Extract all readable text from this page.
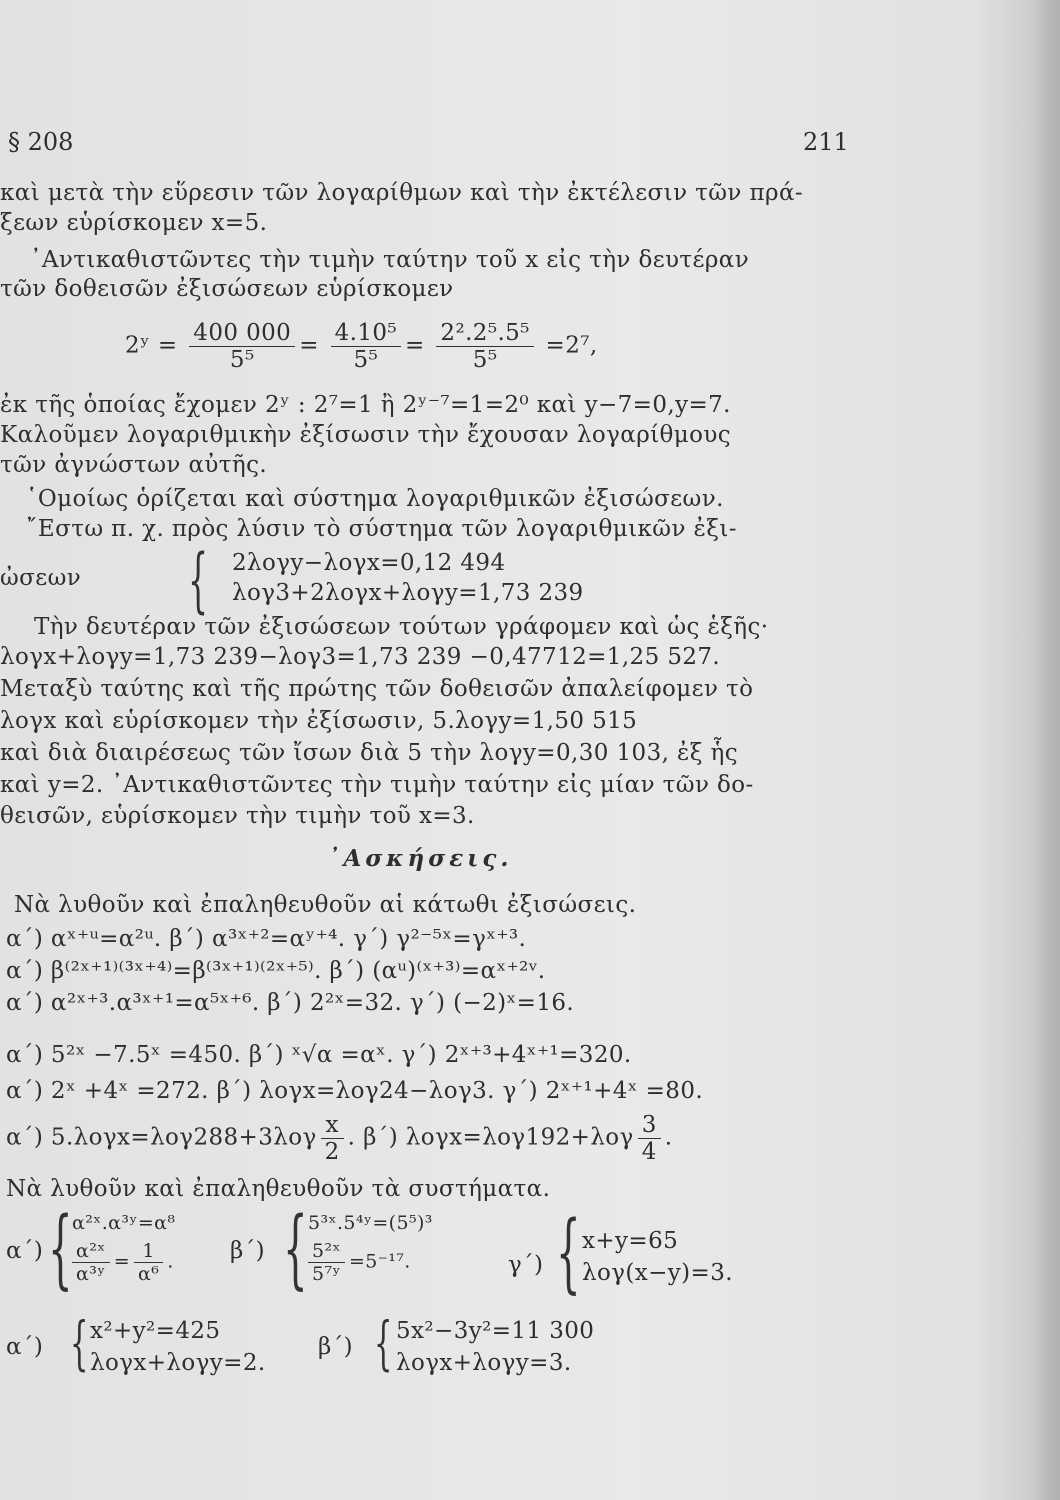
§ 208	211
καὶ μετὰ τὴν εὕρεσιν τῶν λογαρίθμων καὶ τὴν ἐκτέλεσιν τῶν πρά-
ξεων εὑρίσκομεν x=5.
᾿Αντικαθιστῶντες τὴν τιμὴν ταύτην τοῦ x εἰς τὴν δευτέραν
τῶν δοθεισῶν ἐξισώσεων εὑρίσκομεν
2ʸ = $\frac{400 000}{\text{5⁵}} = \frac{\text{4.10⁵}}{\text{5⁵}} = \frac{\text{2².2⁵.5⁵}}{\text{5⁵}} =2^7$,
ἐκ τῆς ὁποίας ἔχομεν 2ʸ : 2⁷=1 ἢ 2ʸ⁻⁷=1=2⁰ καὶ y−7=0,y=7.
Καλοῦμεν λογαριθμικὴν ἐξίσωσιν τὴν ἔχουσαν λογαρίθμους
τῶν ἀγνώστων αὐτῆς.
῾Ομοίως ὁρίζεται καὶ σύστημα λογαριθμικῶν ἐξισώσεων.
῎Εστω π. χ. πρὸς λύσιν τὸ σύστημα τῶν λογαριθμικῶν ἐξι-
ὠσεων { 2λογy−λογx=0,12 494
λογ3+2λογx+λογy=1,73 239
Τὴν δευτέραν τῶν ἐξισώσεων τούτων γράφομεν καὶ ὡς ἑξῆς·
λογx+λογy=1,73 239−λογ3=1,73 239 −0,47712=1,25 527.
Μεταξὺ ταύτης καὶ τῆς πρώτης τῶν δοθεισῶν ἀπαλείφομεν τὸ
λογx καὶ εὑρίσκομεν τὴν ἐξίσωσιν, 5.λογy=1,50 515
καὶ διὰ διαιρέσεως τῶν ἴσων διὰ 5 τὴν λογy=0,30 103, ἐξ ἧς
καὶ y=2. ᾿Αντικαθιστῶντες τὴν τιμὴν ταύτην εἰς μίαν τῶν δο-
θεισῶν, εὑρίσκομεν τὴν τιμὴν τοῦ x=3.
᾿Ασκήσεις.
Νὰ λυθοῦν καὶ ἐπαληθευθοῦν αἱ κάτωθι ἐξισώσεις.
α΄) αˣ⁺ᵘ=α²ᵘ. β΄) α³ˣ⁺²=αʸ⁺⁴. γ΄) γ²⁻⁵ˣ=γˣ⁺³.
α΄) β⁽²ˣ⁺¹⁾⁽³ˣ⁺⁴⁾=β⁽³ˣ⁺¹⁾⁽²ˣ⁺⁵⁾. β΄) (αᵘ)⁽ˣ⁺³⁾=αˣ⁺²ᵛ.
α΄) α²ˣ⁺³.α³ˣ⁺¹=α⁵ˣ⁺⁶. β΄) 2²ˣ=32. γ΄) (−2)ˣ=16.
α΄) 5²ˣ −7.5ˣ =450. β΄) ˣ√α =αˣ. γ΄) 2ˣ⁺³+4ˣ⁺¹=320.
α΄) 2ˣ +4ˣ =272. β΄) λογx=λογ24−λογ3. γ΄) 2ˣ⁺¹+4ˣ =80.
α΄) $5.\lambda o\gamma x=\lambda o\gamma 288+3\lambda o\gamma \frac{x}{2}$ . β΄) $\lambda o\gamma x=\lambda o\gamma 192+\lambda o\gamma \frac{3}{4}$ .
Νὰ λυθοῦν καὶ ἐπαληθευθοῦν τὰ συστήματα.
α΄) { α²ˣ.α³ʸ=α⁸
$\frac{\text{α²ˣ}}{\text{α³ʸ}} = \frac{1}{\text{α⁶}}$ . β΄) { 5³ˣ.5⁴ʸ=(5⁵)³
$\frac{\text{5²ˣ}}{\text{5⁷ʸ}} =5^{-17}$.	γ΄) { x+y=65
λογ(x−y)=3.
α΄) { x²+y²=425
λογx+λογy=2.
β΄) { 5x²−3y²=11 300
λογx+λογy=3.
